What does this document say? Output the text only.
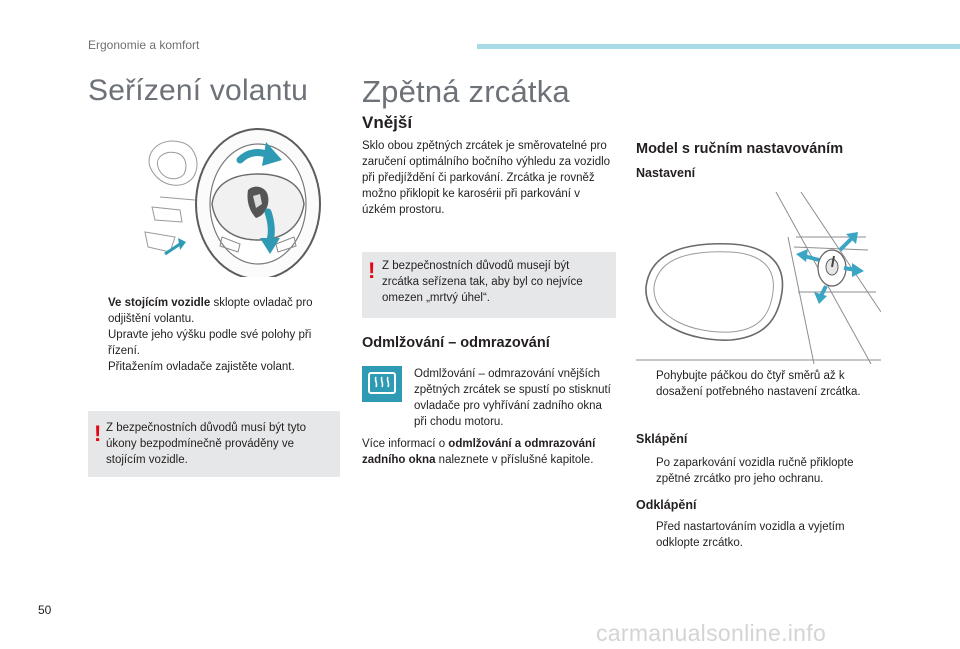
Ergonomie a komfort
Seřízení volantu
Ve stojícím vozidle sklopte ovladač pro odjištění volantu.
Upravte jeho výšku podle své polohy při řízení.
Přitažením ovladače zajistěte volant.
! Z bezpečnostních důvodů musí být tyto úkony bezpodmínečně prováděny ve stojícím vozidle.
Zpětná zrcátka
Vnější
Sklo obou zpětných zrcátek je směrovatelné pro zaručení optimálního bočního výhledu za vozidlo při předjíždění či parkování. Zrcátka je rovněž možno přiklopit ke karosérii při parkování v úzkém prostoru.
! Z bezpečnostních důvodů musejí být zrcátka seřízena tak, aby byl co nejvíce omezen „mrtvý úhel“.
Odmlžování – odmrazování
Odmlžování – odmrazování vnějších zpětných zrcátek se spustí po stisknutí ovladače pro vyhřívání zadního okna při chodu motoru.
Více informací o odmlžování a odmrazování zadního okna naleznete v příslušné kapitole.
Model s ručním nastavováním
Nastavení
Pohybujte páčkou do čtyř směrů až k dosažení potřebného nastavení zrcátka.
Sklápění
Po zaparkování vozidla ručně přiklopte zpětné zrcátko pro jeho ochranu.
Odklápění
Před nastartováním vozidla a vyjetím odklopte zrcátko.
50
carmanualsonline.info
